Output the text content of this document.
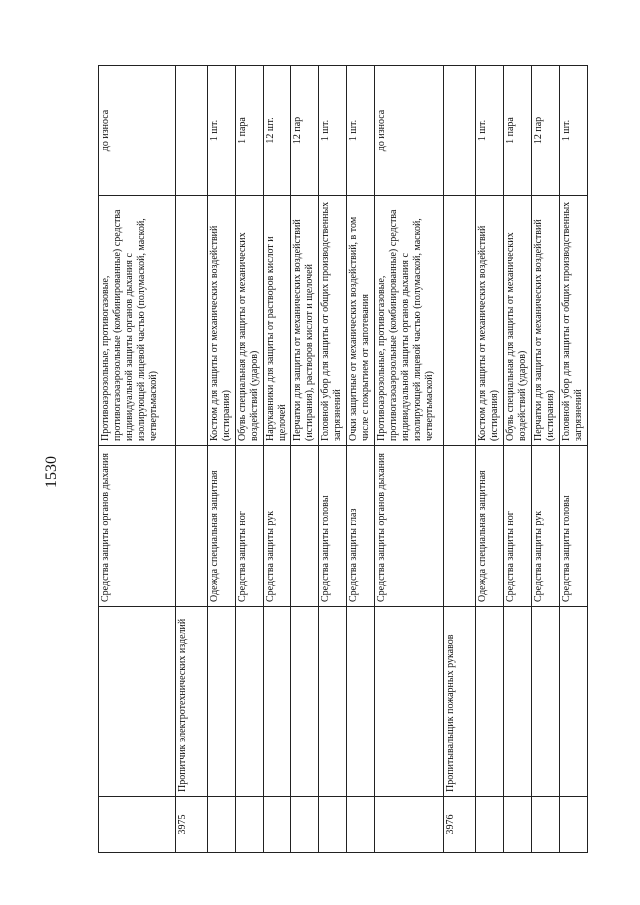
1530
			Средства защиты органов дыхания	Противоаэрозольные, противогазовые, противогазоаэрозольные (комбинированные) средства индивидуальной защиты органов дыхания с изолирующей лицевой частью (полумаской, маской, четвертьмаской)	до износа
3975	Пропитчик электротехнических изделий			
		Одежда специальная защитная	Костюм для защиты от механических воздействий (истирания)	1 шт.
		Средства защиты ног	Обувь специальная для защиты от механических воздействий (ударов)	1 пара
		Средства защиты рук	Нарукавники для защиты от растворов кислот и щелочей	12 шт.
			Перчатки для защиты от механических воздействий (истирания), растворов кислот и щелочей	12 пар
		Средства защиты головы	Головной убор для защиты от общих производственных загрязнений	1 шт.
		Средства защиты глаз	Очки защитные от механических воздействий, в том числе с покрытием от запотевания	1 шт.
		Средства защиты органов дыхания	Противоаэрозольные, противогазовые, противогазоаэрозольные (комбинированные) средства индивидуальной защиты органов дыхания с изолирующей лицевой частью (полумаской, маской, четвертьмаской)	до износа
3976	Пропитывальщик пожарных рукавов			
		Одежда специальная защитная	Костюм для защиты от механических воздействий (истирания)	1 шт.
		Средства защиты ног	Обувь специальная для защиты от механических воздействий (ударов)	1 пара
		Средства защиты рук	Перчатки для защиты от механических воздействий (истирания)	12 пар
		Средства защиты головы	Головной убор для защиты от общих производственных загрязнений	1 шт.
